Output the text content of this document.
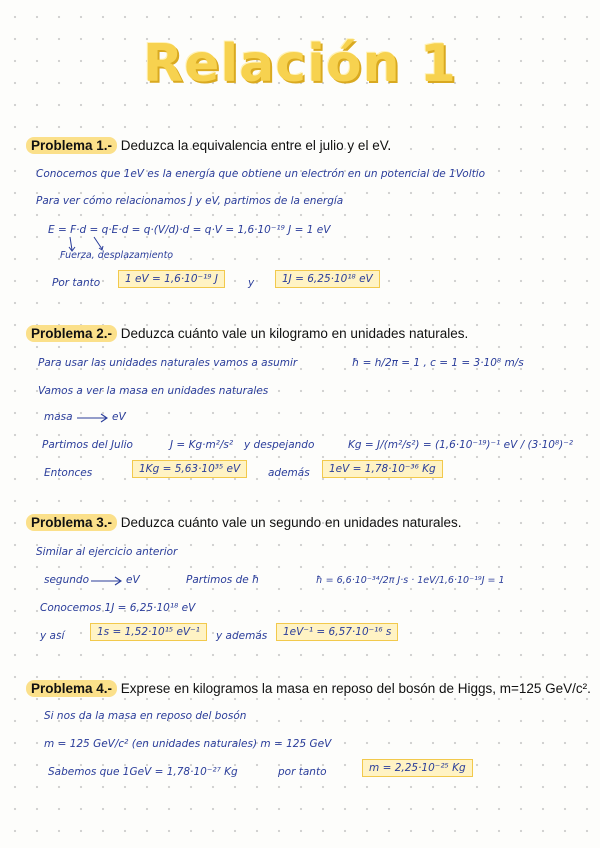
Relación 1
Problema 1.- Deduzca la equivalencia entre el julio y el eV.
Conocemos que 1eV es la energía que obtiene un electrón en un potencial de 1Voltio
Para ver cómo relacionamos J y eV, partimos de la energía
E = F·d = q·E·d = q·(V/d)·d = q·V = 1,6·10⁻¹⁹ J = 1 eV
Fuerza, desplazamiento
Por tanto	1 eV = 1,6·10⁻¹⁹ J	y	1J = 6,25·10¹⁸ eV
Problema 2.- Deduzca cuánto vale un kilogramo en unidades naturales.
Para usar las unidades naturales vamos a asumir	ħ = h/2π = 1 , c = 1 = 3·10⁸ m/s
Vamos a ver la masa en unidades naturales
masa	eV
Partimos del Julio	J = Kg·m²/s² y despejando	Kg = J/(m²/s²) = (1,6·10⁻¹⁹)⁻¹ eV / (3·10⁸)⁻²
Entonces	1Kg = 5,63·10³⁵ eV	además	1eV = 1,78·10⁻³⁶ Kg
Problema 3.- Deduzca cuánto vale un segundo en unidades naturales.
Similar al ejercicio anterior
segundo	eV	Partimos de ħ	ħ = 6,6·10⁻³⁴/2π J·s · 1eV/1,6·10⁻¹⁹J = 1
Conocemos 1J = 6,25·10¹⁸ eV
y así	1s = 1,52·10¹⁵ eV⁻¹	y además	1eV⁻¹ = 6,57·10⁻¹⁶ s
Problema 4.- Exprese en kilogramos la masa en reposo del bosón de Higgs, m=125 GeV/c².
Si nos da la masa en reposo del bosón
m = 125 GeV/c² (en unidades naturales) m = 125 GeV
Sabemos que 1GeV = 1,78·10⁻²⁷ Kg	por tanto	m = 2,25·10⁻²⁵ Kg
